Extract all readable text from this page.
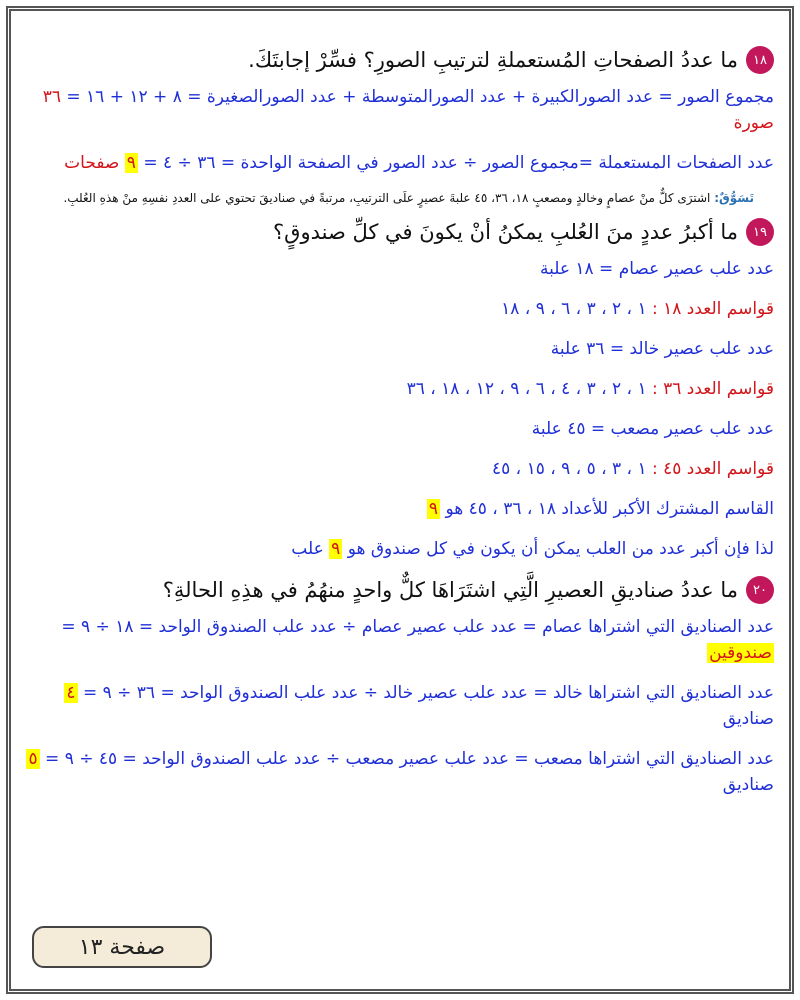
١٨
ما عددُ الصفحاتِ المُستعملةِ لترتيبِ الصورِ؟ فسِّرْ إجابتَكَ.
مجموع الصور = عدد الصورالكبيرة + عدد الصورالمتوسطة + عدد الصورالصغيرة = ٨ + ١٢ + ١٦ = ٣٦ صورة
عدد الصفحات المستعملة =مجموع الصور ÷ عدد الصور في الصفحة الواحدة = ٣٦ ÷ ٤ = ٩ صفحات
تَسَوُّقٌ: اشترَى كلٌّ منْ عصامٍ وخالدٍ ومصعبٍ ١٨، ٣٦، ٤٥ علبةَ عصيرٍ علَى الترتيبِ، مرتبةً في صناديقَ تحتوي على العددِ نفسِهِ منْ هذهِ العُلبِ.
١٩
ما أكبرُ عددٍ منَ العُلبِ يمكنُ أنْ يكونَ في كلِّ صندوقٍ؟
عدد علب عصير عصام = ١٨ علبة
قواسم العدد ١٨ : ١ ، ٢ ، ٣ ، ٦ ، ٩ ، ١٨
عدد علب عصير خالد = ٣٦ علبة
قواسم العدد ٣٦ : ١ ، ٢ ، ٣ ، ٤ ، ٦ ، ٩ ، ١٢ ، ١٨ ، ٣٦
عدد علب عصير مصعب = ٤٥ علبة
قواسم العدد ٤٥ : ١ ، ٣ ، ٥ ، ٩ ، ١٥ ، ٤٥
القاسم المشترك الأكبر للأعداد ١٨ ، ٣٦ ، ٤٥ هو ٩
لذا فإن أكبر عدد من العلب يمكن أن يكون في كل صندوق هو ٩ علب
٢٠
ما عددُ صناديقِ العصيرِ الَّتِي اشتَرَاهَا كلٌّ واحدٍ منهُمُ في هذِهِ الحالةِ؟
عدد الصناديق التي اشتراها عصام = عدد علب عصير عصام ÷ عدد علب الصندوق الواحد = ١٨ ÷ ٩ = صندوقين
عدد الصناديق التي اشتراها خالد = عدد علب عصير خالد ÷ عدد علب الصندوق الواحد = ٣٦ ÷ ٩ = ٤ صناديق
عدد الصناديق التي اشتراها مصعب = عدد علب عصير مصعب ÷ عدد علب الصندوق الواحد = ٤٥ ÷ ٩ = ٥ صناديق
صفحة ١٣
